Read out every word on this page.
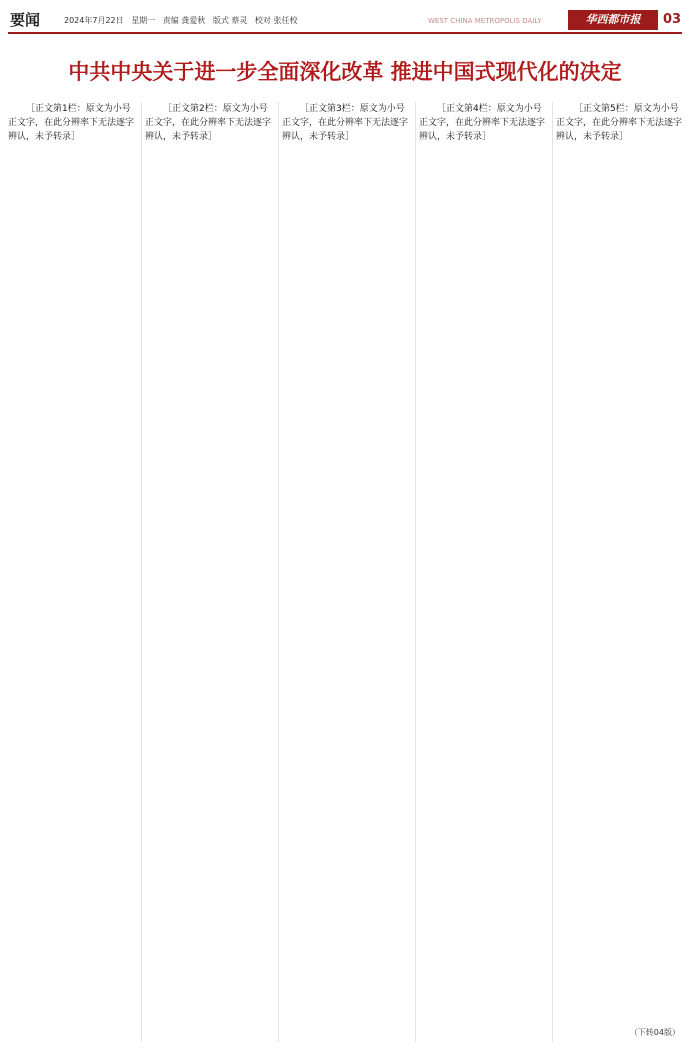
要闻	2024年7月22日 星期一 责编 龚爱秋 版式 蔡灵 校对 张任校	WEST CHINA METROPOLIS DAILY	华西都市报	03
中共中央关于进一步全面深化改革 推进中国式现代化的决定

［正文第1栏：原文为小号正文字，在此分辨率下无法逐字辨认，未予转录］

［正文第2栏：原文为小号正文字，在此分辨率下无法逐字辨认，未予转录］

［正文第3栏：原文为小号正文字，在此分辨率下无法逐字辨认，未予转录］

［正文第4栏：原文为小号正文字，在此分辨率下无法逐字辨认，未予转录］

［正文第5栏：原文为小号正文字，在此分辨率下无法逐字辨认，未予转录］

（下转04版）
